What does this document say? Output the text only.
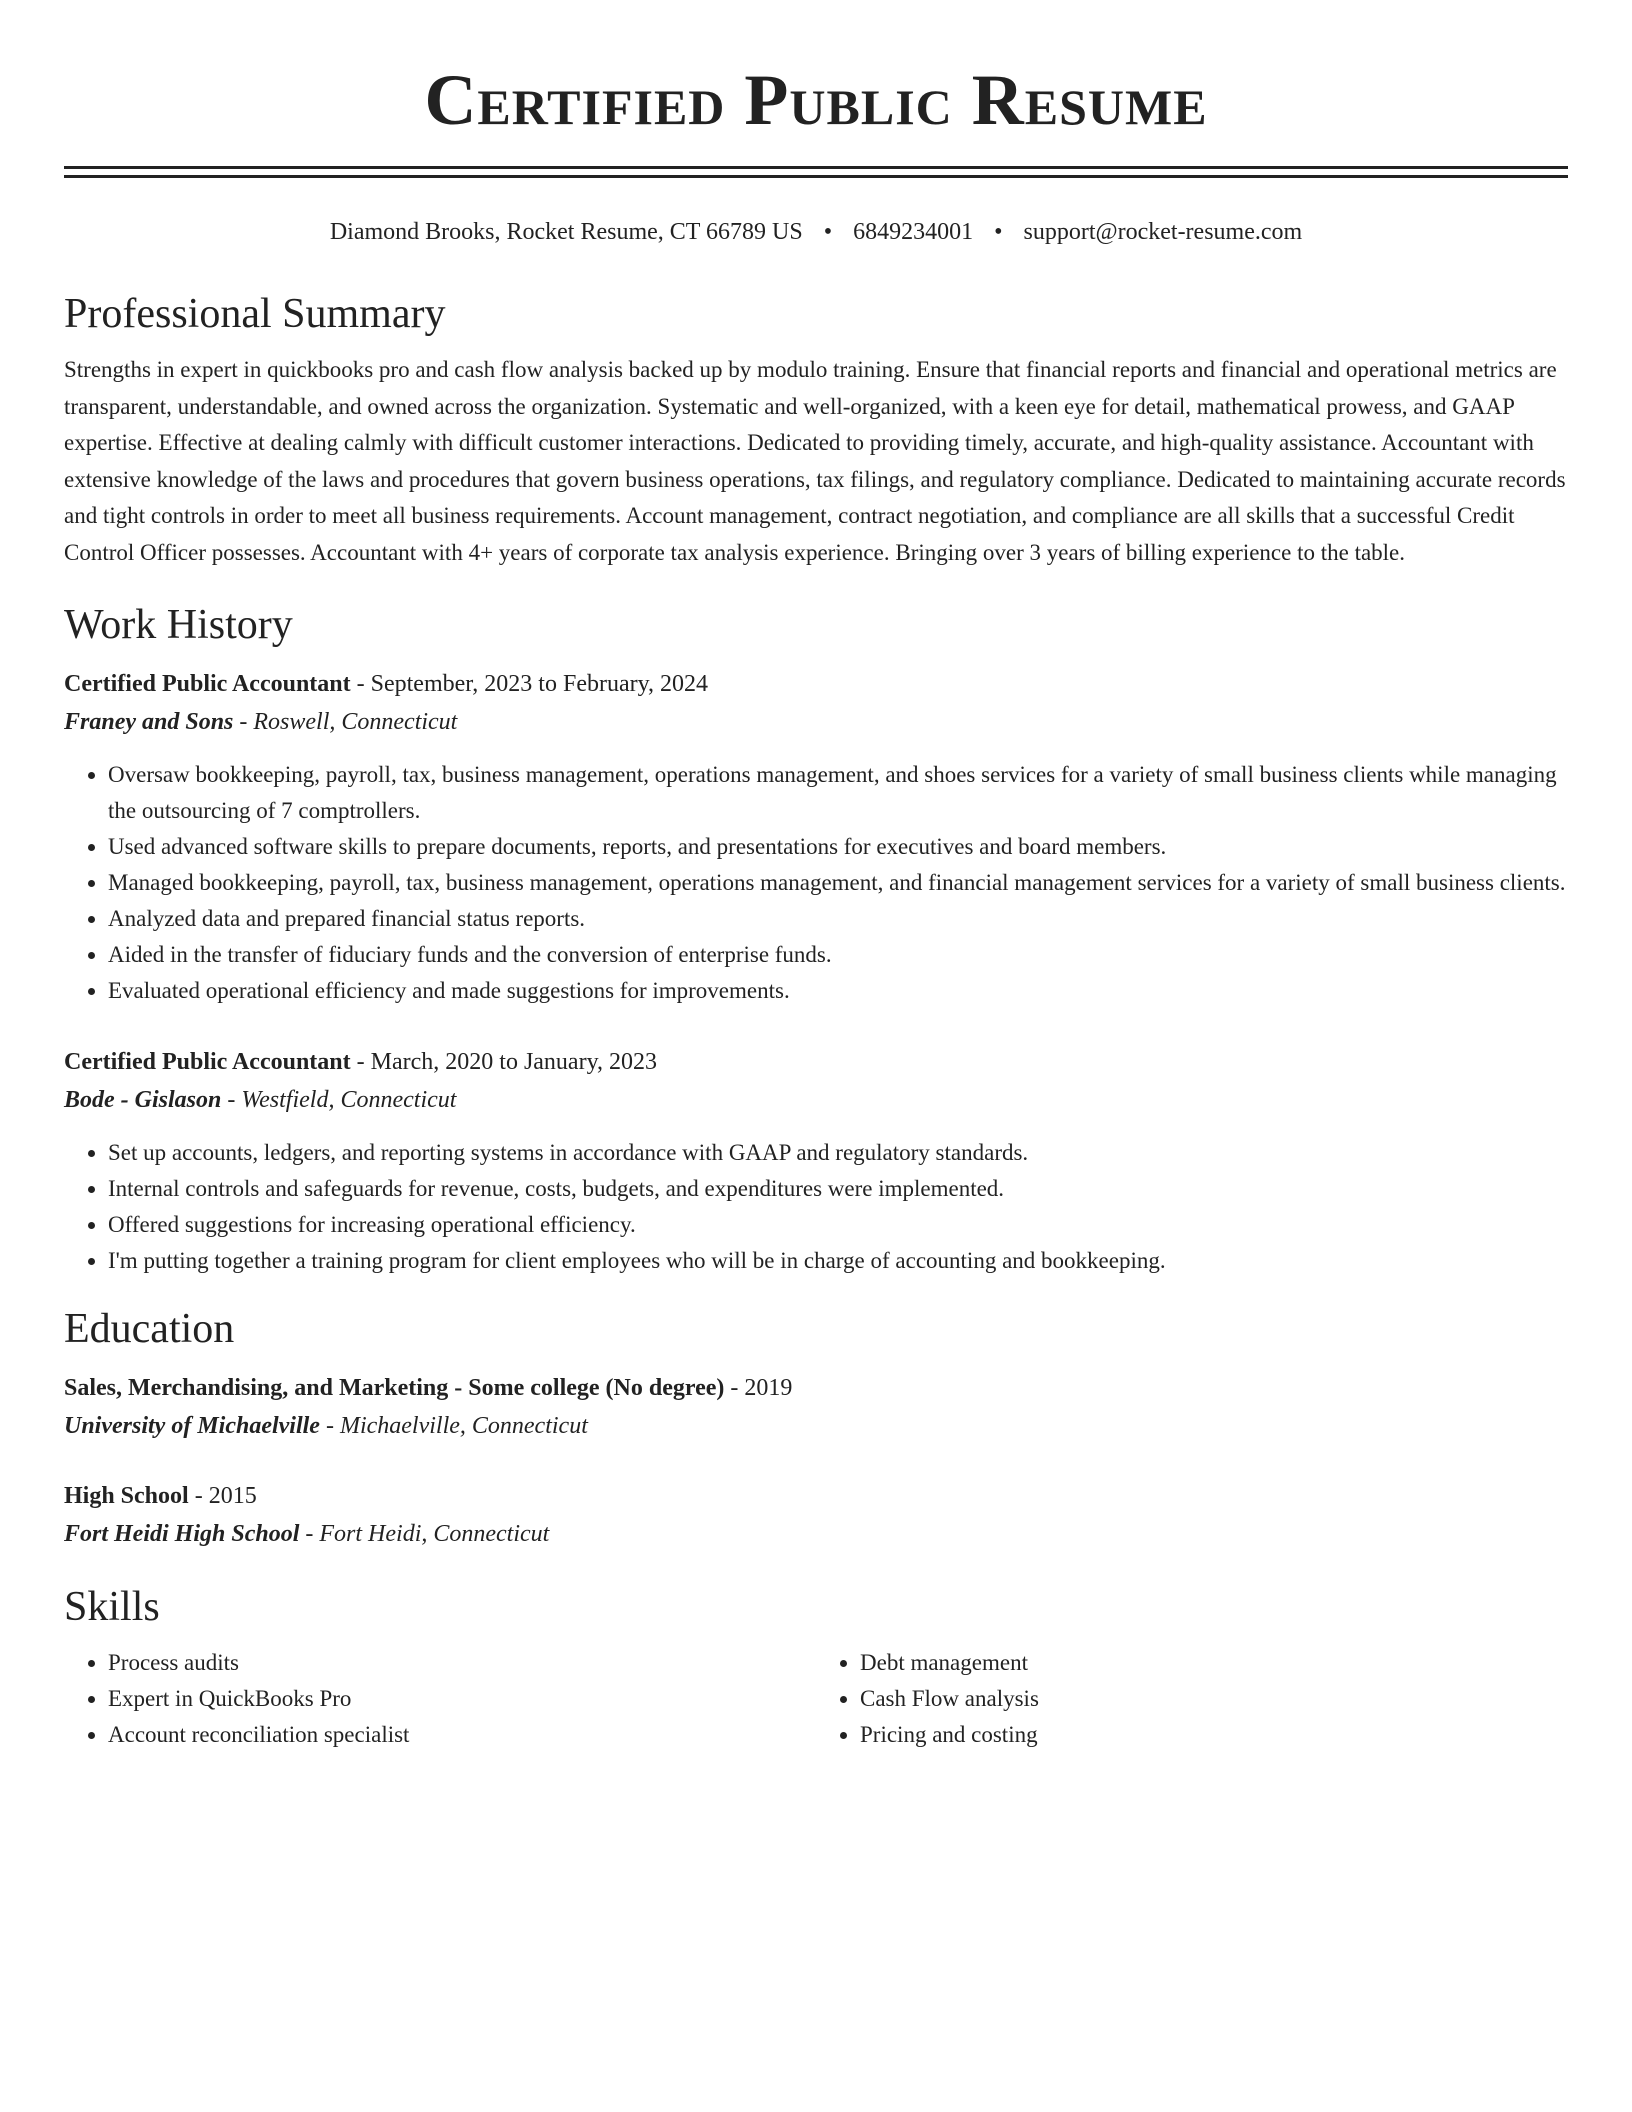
Certified Public Resume
Diamond Brooks, Rocket Resume, CT 66789 US • 6849234001 • support@rocket-resume.com
Professional Summary
Strengths in expert in quickbooks pro and cash flow analysis backed up by modulo training. Ensure that financial reports and financial and operational metrics are transparent, understandable, and owned across the organization. Systematic and well-organized, with a keen eye for detail, mathematical prowess, and GAAP expertise. Effective at dealing calmly with difficult customer interactions. Dedicated to providing timely, accurate, and high-quality assistance. Accountant with extensive knowledge of the laws and procedures that govern business operations, tax filings, and regulatory compliance. Dedicated to maintaining accurate records and tight controls in order to meet all business requirements. Account management, contract negotiation, and compliance are all skills that a successful Credit Control Officer possesses. Accountant with 4+ years of corporate tax analysis experience. Bringing over 3 years of billing experience to the table.
Work History
Certified Public Accountant - September, 2023 to February, 2024
Franey and Sons - Roswell, Connecticut
• Oversaw bookkeeping, payroll, tax, business management, operations management, and shoes services for a variety of small business clients while managing the outsourcing of 7 comptrollers.
• Used advanced software skills to prepare documents, reports, and presentations for executives and board members.
• Managed bookkeeping, payroll, tax, business management, operations management, and financial management services for a variety of small business clients.
• Analyzed data and prepared financial status reports.
• Aided in the transfer of fiduciary funds and the conversion of enterprise funds.
• Evaluated operational efficiency and made suggestions for improvements.
Certified Public Accountant - March, 2020 to January, 2023
Bode - Gislason - Westfield, Connecticut
• Set up accounts, ledgers, and reporting systems in accordance with GAAP and regulatory standards.
• Internal controls and safeguards for revenue, costs, budgets, and expenditures were implemented.
• Offered suggestions for increasing operational efficiency.
• I'm putting together a training program for client employees who will be in charge of accounting and bookkeeping.
Education
Sales, Merchandising, and Marketing - Some college (No degree) - 2019
University of Michaelville - Michaelville, Connecticut
High School - 2015
Fort Heidi High School - Fort Heidi, Connecticut
Skills
• Process audits
• Expert in QuickBooks Pro
• Account reconciliation specialist
• Debt management
• Cash Flow analysis
• Pricing and costing
